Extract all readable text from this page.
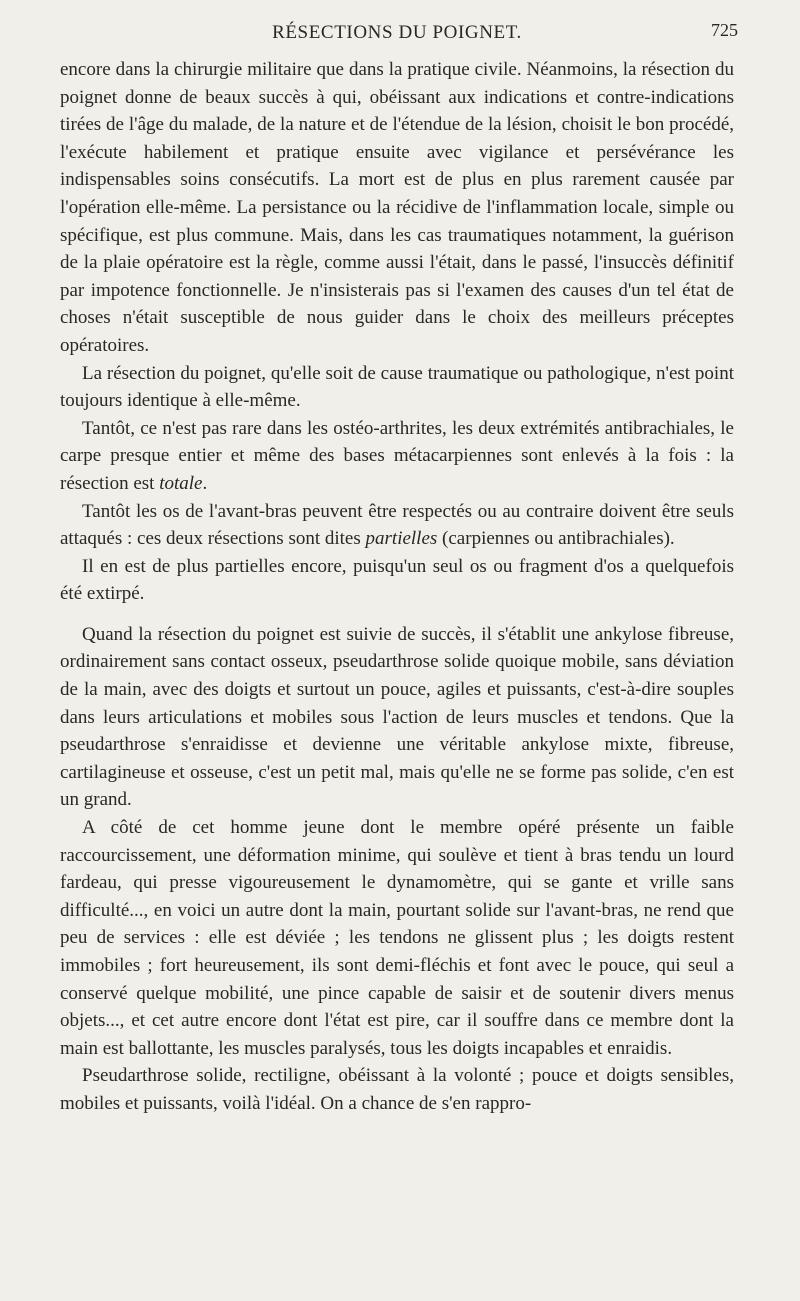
RÉSECTIONS DU POIGNET.	725

encore dans la chirurgie militaire que dans la pratique civile. Néanmoins, la résection du poignet donne de beaux succès à qui, obéissant aux indications et contre-indications tirées de l'âge du malade, de la nature et de l'étendue de la lésion, choisit le bon procédé, l'exécute habilement et pratique ensuite avec vigilance et persévérance les indispensables soins consécutifs. La mort est de plus en plus rarement causée par l'opération elle-même. La persistance ou la récidive de l'inflammation locale, simple ou spécifique, est plus commune. Mais, dans les cas traumatiques notamment, la guérison de la plaie opératoire est la règle, comme aussi l'était, dans le passé, l'insuccès définitif par impotence fonctionnelle. Je n'insisterais pas si l'examen des causes d'un tel état de choses n'était susceptible de nous guider dans le choix des meilleurs préceptes opératoires.

La résection du poignet, qu'elle soit de cause traumatique ou pathologique, n'est point toujours identique à elle-même.

Tantôt, ce n'est pas rare dans les ostéo-arthrites, les deux extrémités antibrachiales, le carpe presque entier et même des bases métacarpiennes sont enlevés à la fois : la résection est totale.

Tantôt les os de l'avant-bras peuvent être respectés ou au contraire doivent être seuls attaqués : ces deux résections sont dites partielles (carpiennes ou antibrachiales).

Il en est de plus partielles encore, puisqu'un seul os ou fragment d'os a quelquefois été extirpé.

Quand la résection du poignet est suivie de succès, il s'établit une ankylose fibreuse, ordinairement sans contact osseux, pseudarthrose solide quoique mobile, sans déviation de la main, avec des doigts et surtout un pouce, agiles et puissants, c'est-à-dire souples dans leurs articulations et mobiles sous l'action de leurs muscles et tendons. Que la pseudarthrose s'enraidisse et devienne une véritable ankylose mixte, fibreuse, cartilagineuse et osseuse, c'est un petit mal, mais qu'elle ne se forme pas solide, c'en est un grand.

A côté de cet homme jeune dont le membre opéré présente un faible raccourcissement, une déformation minime, qui soulève et tient à bras tendu un lourd fardeau, qui presse vigoureusement le dynamomètre, qui se gante et vrille sans difficulté..., en voici un autre dont la main, pourtant solide sur l'avant-bras, ne rend que peu de services : elle est déviée ; les tendons ne glissent plus ; les doigts restent immobiles ; fort heureusement, ils sont demi-fléchis et font avec le pouce, qui seul a conservé quelque mobilité, une pince capable de saisir et de soutenir divers menus objets..., et cet autre encore dont l'état est pire, car il souffre dans ce membre dont la main est ballottante, les muscles paralysés, tous les doigts incapables et enraidis.

Pseudarthrose solide, rectiligne, obéissant à la volonté ; pouce et doigts sensibles, mobiles et puissants, voilà l'idéal. On a chance de s'en rappro-
